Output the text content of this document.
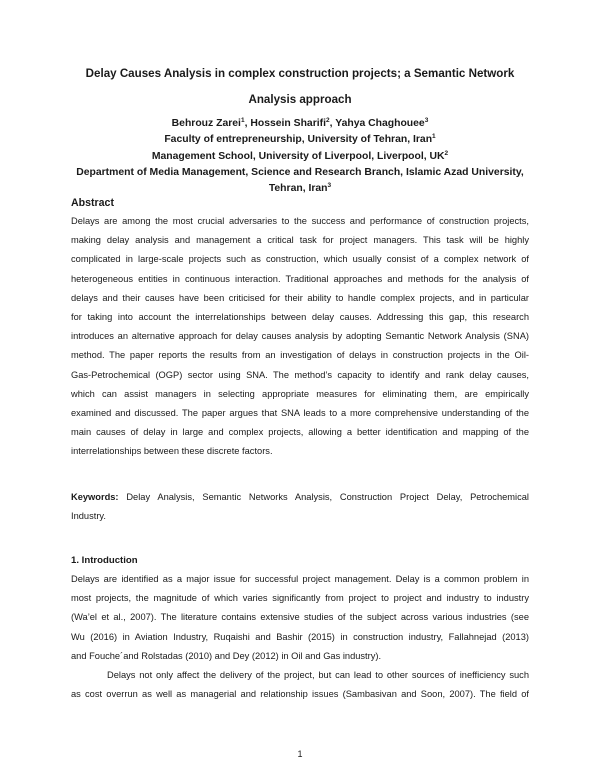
Delay Causes Analysis in complex construction projects; a Semantic Network
Analysis approach
Behrouz Zarei$^1$, Hossein Sharifi$^2$, Yahya Chaghouee$^3$
Faculty of entrepreneurship, University of Tehran, Iran$^1$
Management School, University of Liverpool, Liverpool, $UK^2$
Department of Media Management, Science and Research Branch, Islamic Azad University,
Tehran, Iran$^3$
Abstract
Delays are among the most crucial adversaries to the success and performance of construction projects,
making delay analysis and management a critical task for project managers. This task will be highly
complicated in large-scale projects such as construction, which usually consist of a complex network of
heterogeneous entities in continuous interaction. Traditional approaches and methods for the analysis of
delays and their causes have been criticised for their ability to handle complex projects, and in particular
for taking into account the interrelationships between delay causes. Addressing this gap, this research
introduces an alternative approach for delay causes analysis by adopting Semantic Network Analysis (SNA)
method. The paper reports the results from an investigation of delays in construction projects in the Oil-
Gas-Petrochemical (OGP) sector using SNA. The method’s capacity to identify and rank delay causes,
which can assist managers in selecting appropriate measures for eliminating them, are empirically
examined and discussed. The paper argues that SNA leads to a more comprehensive understanding of the
main causes of delay in large and complex projects, allowing a better identification and mapping of the
interrelationships between these discrete factors.
Keywords: Delay Analysis, Semantic Networks Analysis, Construction Project Delay, Petrochemical
Industry.
1. Introduction
Delays are identified as a major issue for successful project management. Delay is a common problem in
most projects, the magnitude of which varies significantly from project to project and industry to industry
(Wa’el et al., 2007). The literature contains extensive studies of the subject across various industries (see
Wu (2016) in Aviation Industry, Ruqaishi and Bashir (2015) in construction industry, Fallahnejad (2013)
and Fouche´and Rolstadas (2010) and Dey (2012) in Oil and Gas industry).
Delays not only affect the delivery of the project, but can lead to other sources of inefficiency such
as cost overrun as well as managerial and relationship issues (Sambasivan and Soon, 2007). The field of
1
